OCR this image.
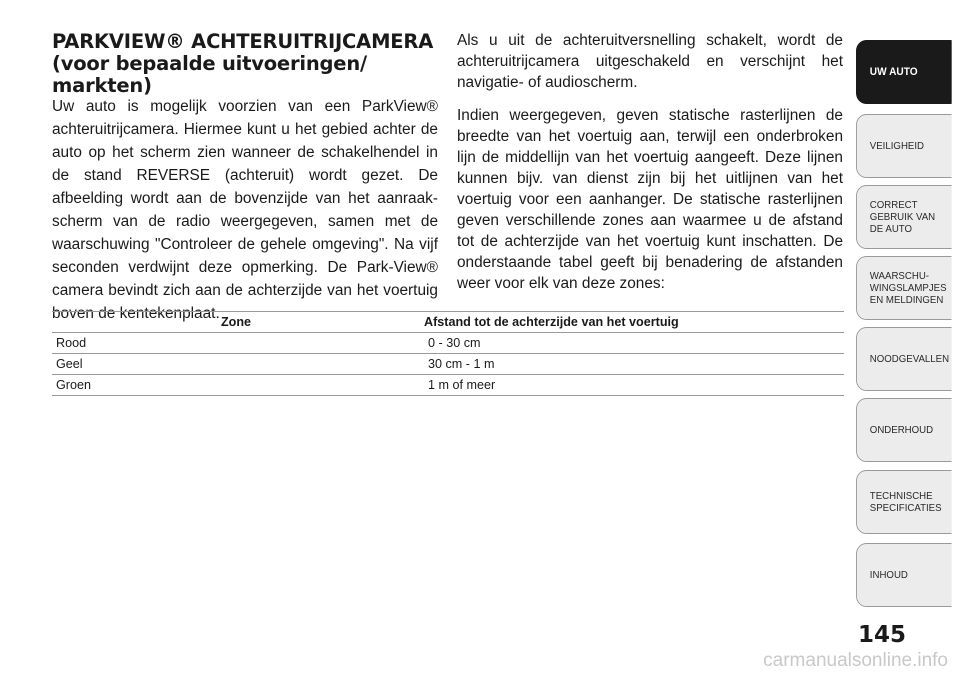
PARKVIEW® ACHTERUITRIJCAMERA
(voor bepaalde uitvoeringen/
markten)

Uw auto is mogelijk voorzien van een ParkView® achteruitrijcamera. Hiermee kunt u het gebied achter de auto op het scherm zien wanneer de schakelhendel in de stand REVERSE (achteruit) wordt gezet. De afbeelding wordt aan de bovenzijde van het aanraak-scherm van de radio weergegeven, samen met de waarschuwing "Controleer de gehele omgeving". Na vijf seconden verdwijnt deze opmerking. De Park-View® camera bevindt zich aan de achterzijde van het voertuig boven de kentekenplaat.

Als u uit de achteruitversnelling schakelt, wordt de achteruitrijcamera uitgeschakeld en verschijnt het navigatie- of audioscherm.

Indien weergegeven, geven statische rasterlijnen de breedte van het voertuig aan, terwijl een onderbroken lijn de middellijn van het voertuig aangeeft. Deze lijnen kunnen bijv. van dienst zijn bij het uitlijnen van het voertuig voor een aanhanger. De statische rasterlijnen geven verschillende zones aan waarmee u de afstand tot de achterzijde van het voertuig kunt inschatten. De onderstaande tabel geeft bij benadering de afstanden weer voor elk van deze zones:

Zone	Afstand tot de achterzijde van het voertuig
Rood	0 - 30 cm
Geel	30 cm - 1 m
Groen	1 m of meer
UW AUTO
VEILIGHEID
CORRECT
GEBRUIK VAN
DE AUTO
WAARSCHU-
WINGSLAMPJES
EN MELDINGEN
NOODGEVALLEN
ONDERHOUD
TECHNISCHE
SPECIFICATIES
INHOUD
145
carmanualsonline.info
